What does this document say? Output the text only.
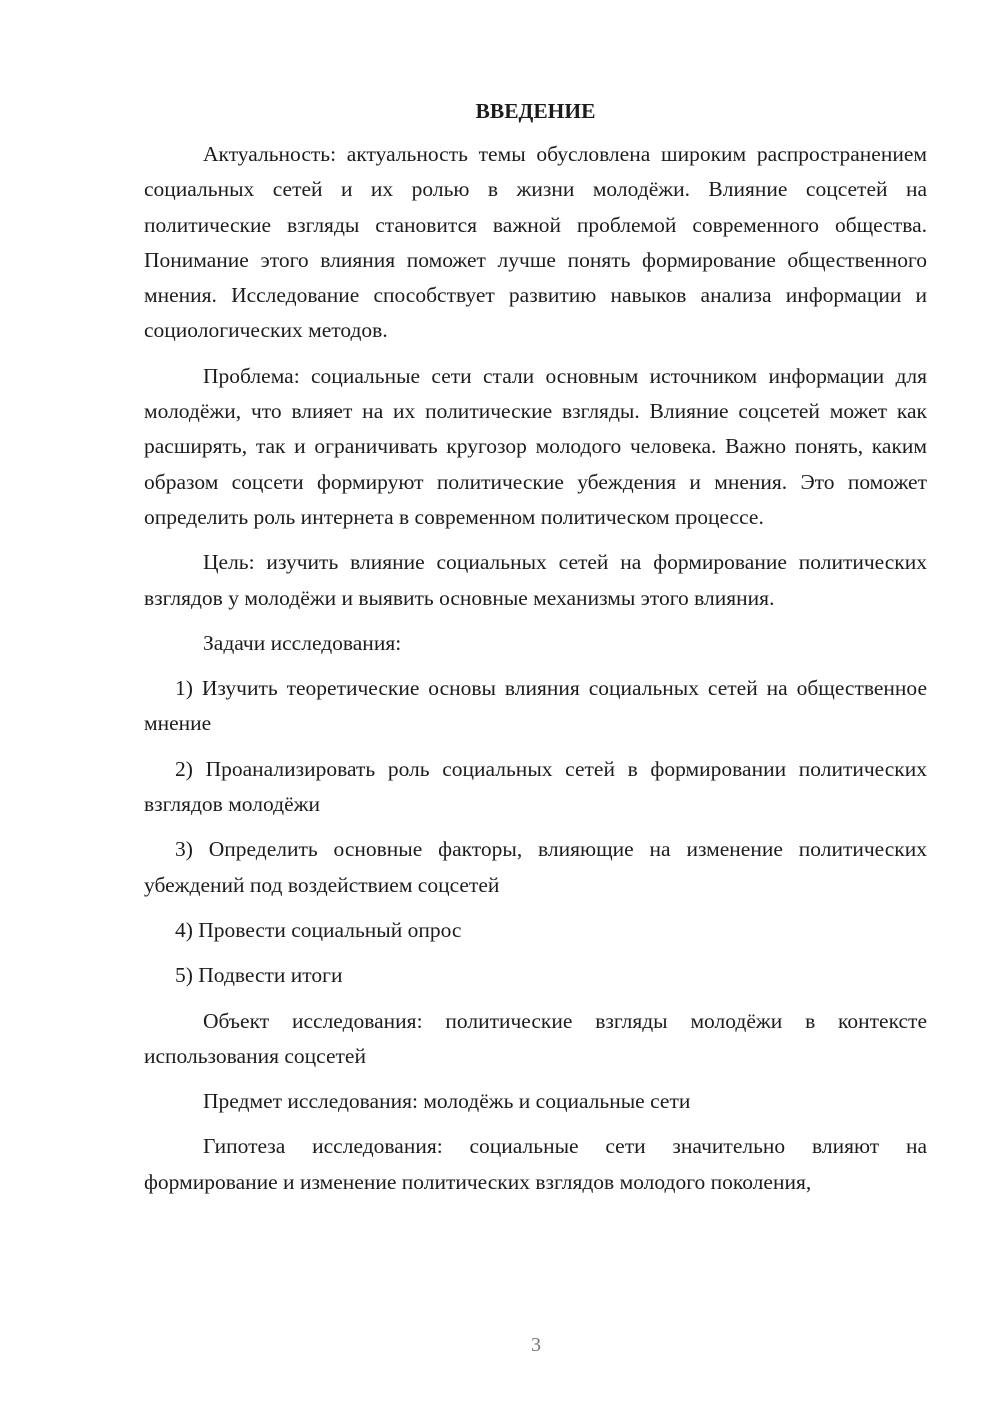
ВВЕДЕНИЕ

Актуальность: актуальность темы обусловлена широким распространением социальных сетей и их ролью в жизни молодёжи. Влияние соцсетей на политические взгляды становится важной проблемой современного общества. Понимание этого влияния поможет лучше понять формирование общественного мнения. Исследование способствует развитию навыков анализа информации и социологических методов.

Проблема: социальные сети стали основным источником информации для молодёжи, что влияет на их политические взгляды. Влияние соцсетей может как расширять, так и ограничивать кругозор молодого человека. Важно понять, каким образом соцсети формируют политические убеждения и мнения. Это поможет определить роль интернета в современном политическом процессе.

Цель: изучить влияние социальных сетей на формирование политических взглядов у молодёжи и выявить основные механизмы этого влияния.

Задачи исследования:

1) Изучить теоретические основы влияния социальных сетей на общественное мнение

2) Проанализировать роль социальных сетей в формировании политических взглядов молодёжи

3) Определить основные факторы, влияющие на изменение политических убеждений под воздействием соцсетей

4) Провести социальный опрос

5) Подвести итоги

Объект исследования: политические взгляды молодёжи в контексте использования соцсетей

Предмет исследования: молодёжь и социальные сети

Гипотеза исследования: социальные сети значительно влияют на формирование и изменение политических взглядов молодого поколения,

3
